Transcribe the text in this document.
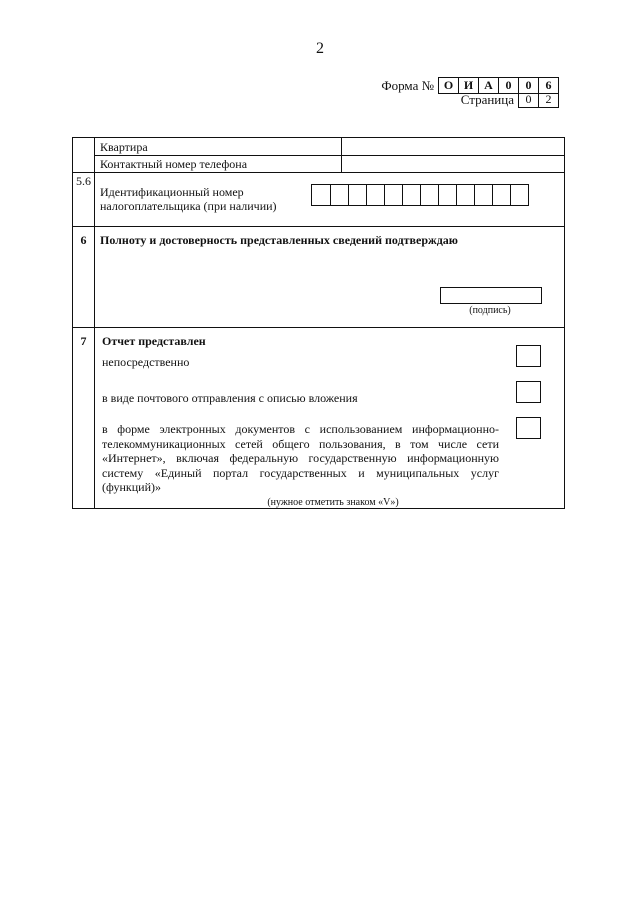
2
Форма № О И А	0	0	6
Страница 0	2
Квартира
Контактный номер телефона
5.6
Идентификационный номер
налогоплательщика (при наличии)
6	Полноту и достоверность представленных сведений подтверждаю
(подпись)
7	Отчет представлен
непосредственно
в виде почтового отправления с описью вложения
в форме электронных документов с использованием информационно-телекоммуникационных сетей общего пользования, в том числе сети «Интернет», включая федеральную государственную информационную систему «Единый портал государственных и муниципальных услуг (функций)»
(нужное отметить знаком «V»)
